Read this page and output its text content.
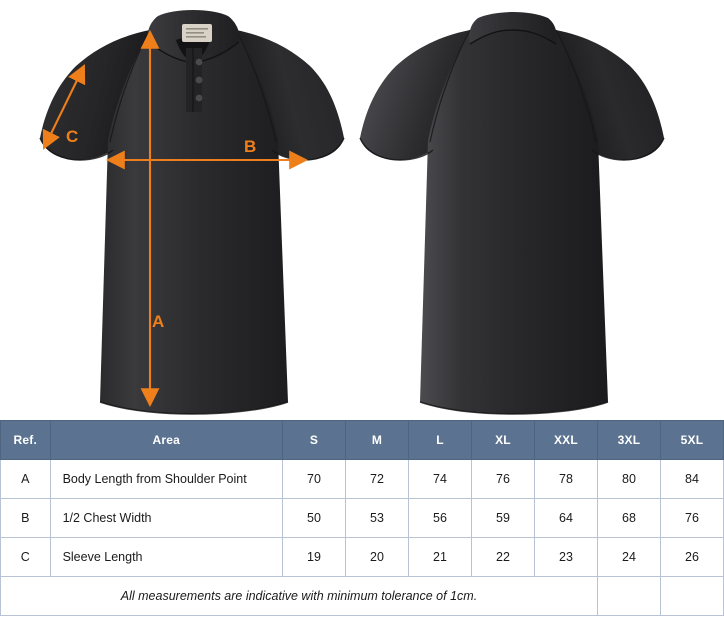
A
B
C
Ref.	Area	S	M	L	XL	XXL	3XL	5XL
A	Body Length from Shoulder Point	70	72	74	76	78	80	84
B	1/2 Chest Width	50	53	56	59	64	68	76
C	Sleeve Length	19	20	21	22	23	24	26
All measurements are indicative with minimum tolerance of 1cm.								
